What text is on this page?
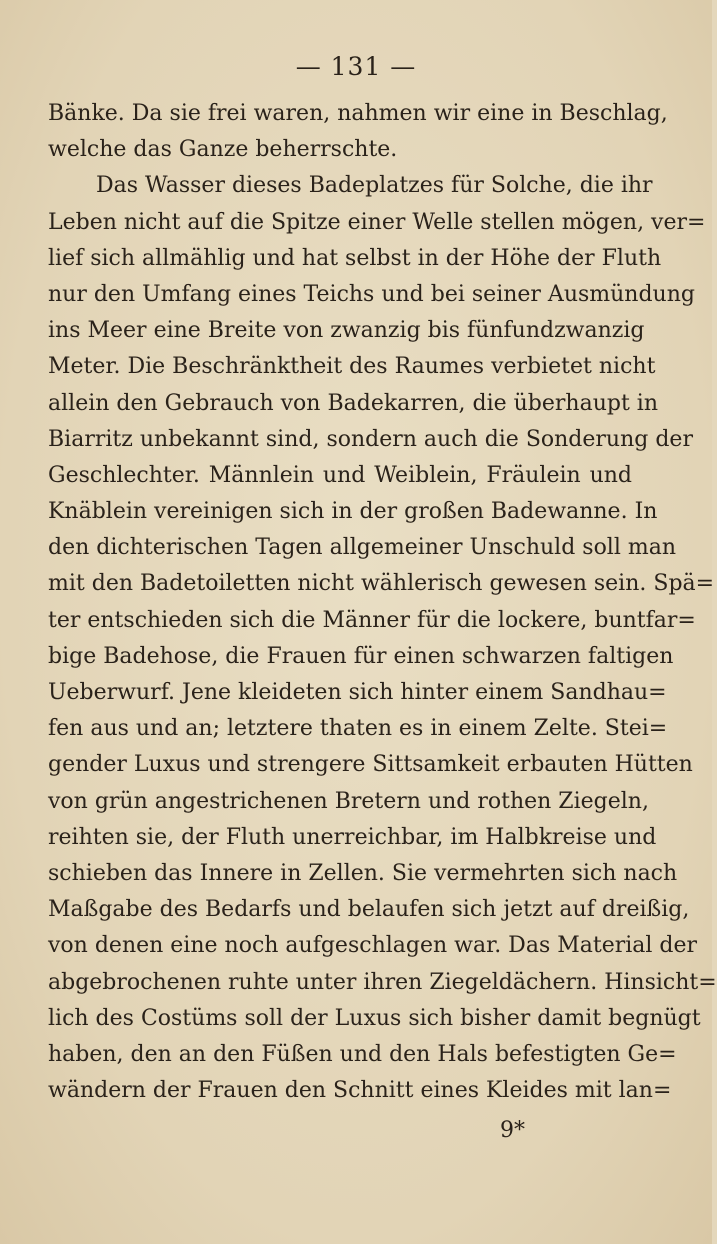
— 131 —
Bänke. Da sie frei waren, nahmen wir eine in Beschlag,
welche das Ganze beherrschte.
Das Wasser dieses Badeplatzes für Solche, die ihr
Leben nicht auf die Spitze einer Welle stellen mögen, ver=
lief sich allmählig und hat selbst in der Höhe der Fluth
nur den Umfang eines Teichs und bei seiner Ausmündung
ins Meer eine Breite von zwanzig bis fünfundzwanzig
Meter. Die Beschränktheit des Raumes verbietet nicht
allein den Gebrauch von Badekarren, die überhaupt in
Biarritz unbekannt sind, sondern auch die Sonderung der
Geschlechter. Männlein und Weiblein, Fräulein und
Knäblein vereinigen sich in der großen Badewanne. In
den dichterischen Tagen allgemeiner Unschuld soll man
mit den Badetoiletten nicht wählerisch gewesen sein. Spä=
ter entschieden sich die Männer für die lockere, buntfar=
bige Badehose, die Frauen für einen schwarzen faltigen
Ueberwurf. Jene kleideten sich hinter einem Sandhau=
fen aus und an; letztere thaten es in einem Zelte. Stei=
gender Luxus und strengere Sittsamkeit erbauten Hütten
von grün angestrichenen Bretern und rothen Ziegeln,
reihten sie, der Fluth unerreichbar, im Halbkreise und
schieben das Innere in Zellen. Sie vermehrten sich nach
Maßgabe des Bedarfs und belaufen sich jetzt auf dreißig,
von denen eine noch aufgeschlagen war. Das Material der
abgebrochenen ruhte unter ihren Ziegeldächern. Hinsicht=
lich des Costüms soll der Luxus sich bisher damit begnügt
haben, den an den Füßen und den Hals befestigten Ge=
wändern der Frauen den Schnitt eines Kleides mit lan=
9*
